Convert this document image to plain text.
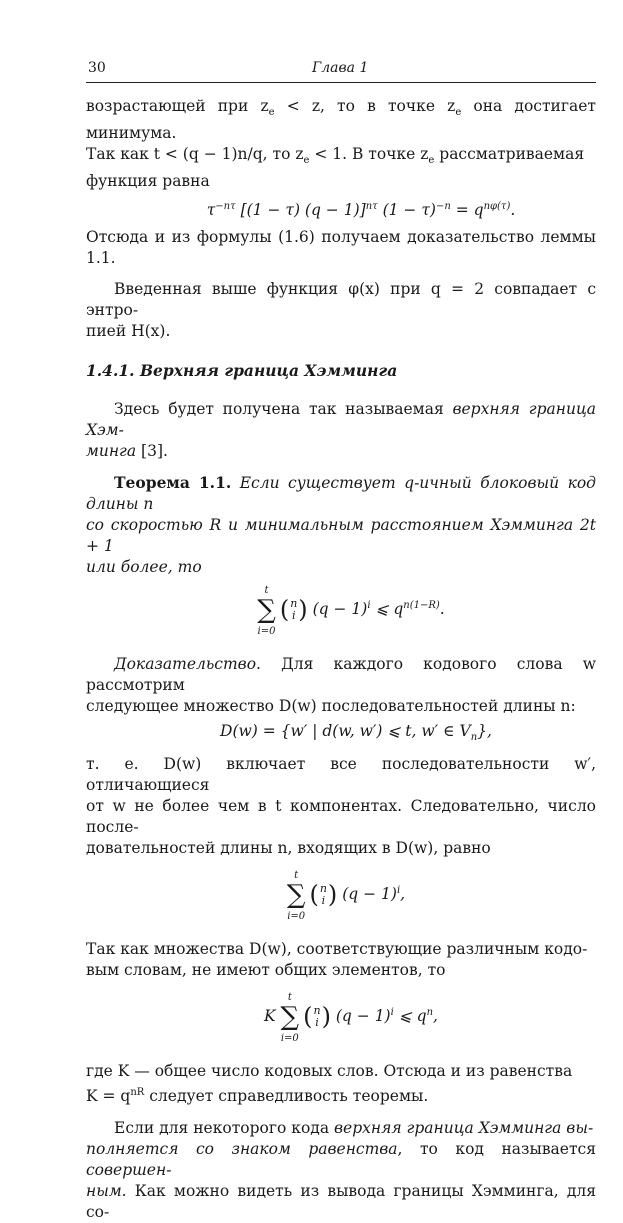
30	Глава 1

возрастающей при $z_e < z$, то в точке $z_e$ она достигает минимума.
Так как t < (q − 1)n/q, то $z_e < 1$. В точке $z_e$ рассматриваемая
функция равна

$\tau^{-n\tau}$ [(1 − τ) (q − 1)]$^{n\tau}$ $(1 - \tau)^{-n} = q^{n\varphi(\tau)}$.

Отсюда и из формулы (1.6) получаем доказательство леммы 1.1.

Введенная выше функция φ(x) при q = 2 совпадает с энтро-
пией H(x).

1.4.1. Верхняя граница Хэмминга

Здесь будет получена так называемая верхняя граница Хэм-
минга [3].

Теорема 1.1. Если существует q-ичный блоковый код длины n
со скоростью R и минимальным расстоянием Хэмминга 2t + 1
или более, то

t
∑
i=0(n
i ) $(q - 1)^i$ ⩽ $q^{n(1-R)}$.

Доказательство. Для каждого кодового слова w рассмотрим
следующее множество D(w) последовательностей длины n:

D(w) = {w′ | d(w, w′) ⩽ t, w′ ∈ $V_n$},

т. е. D(w) включает все последовательности w′, отличающиеся
от w не более чем в t компонентах. Следовательно, число после-
довательностей длины n, входящих в D(w), равно

t
∑
i=0(n
i ) $(q - 1)^i$,

Так как множества D(w), соответствующие различным кодо-
вым словам, не имеют общих элементов, то

K t
∑
i=0(n
i ) $(q - 1)^i$ ⩽ $q^n$,

где K — общее число кодовых слов. Отсюда и из равенства
$K = q^{nR}$ следует справедливость теоремы.

Если для некоторого кода верхняя граница Хэмминга вы-
полняется со знаком равенства, то код называется совершен-
ным. Как можно видеть из вывода границы Хэмминга, для со-
